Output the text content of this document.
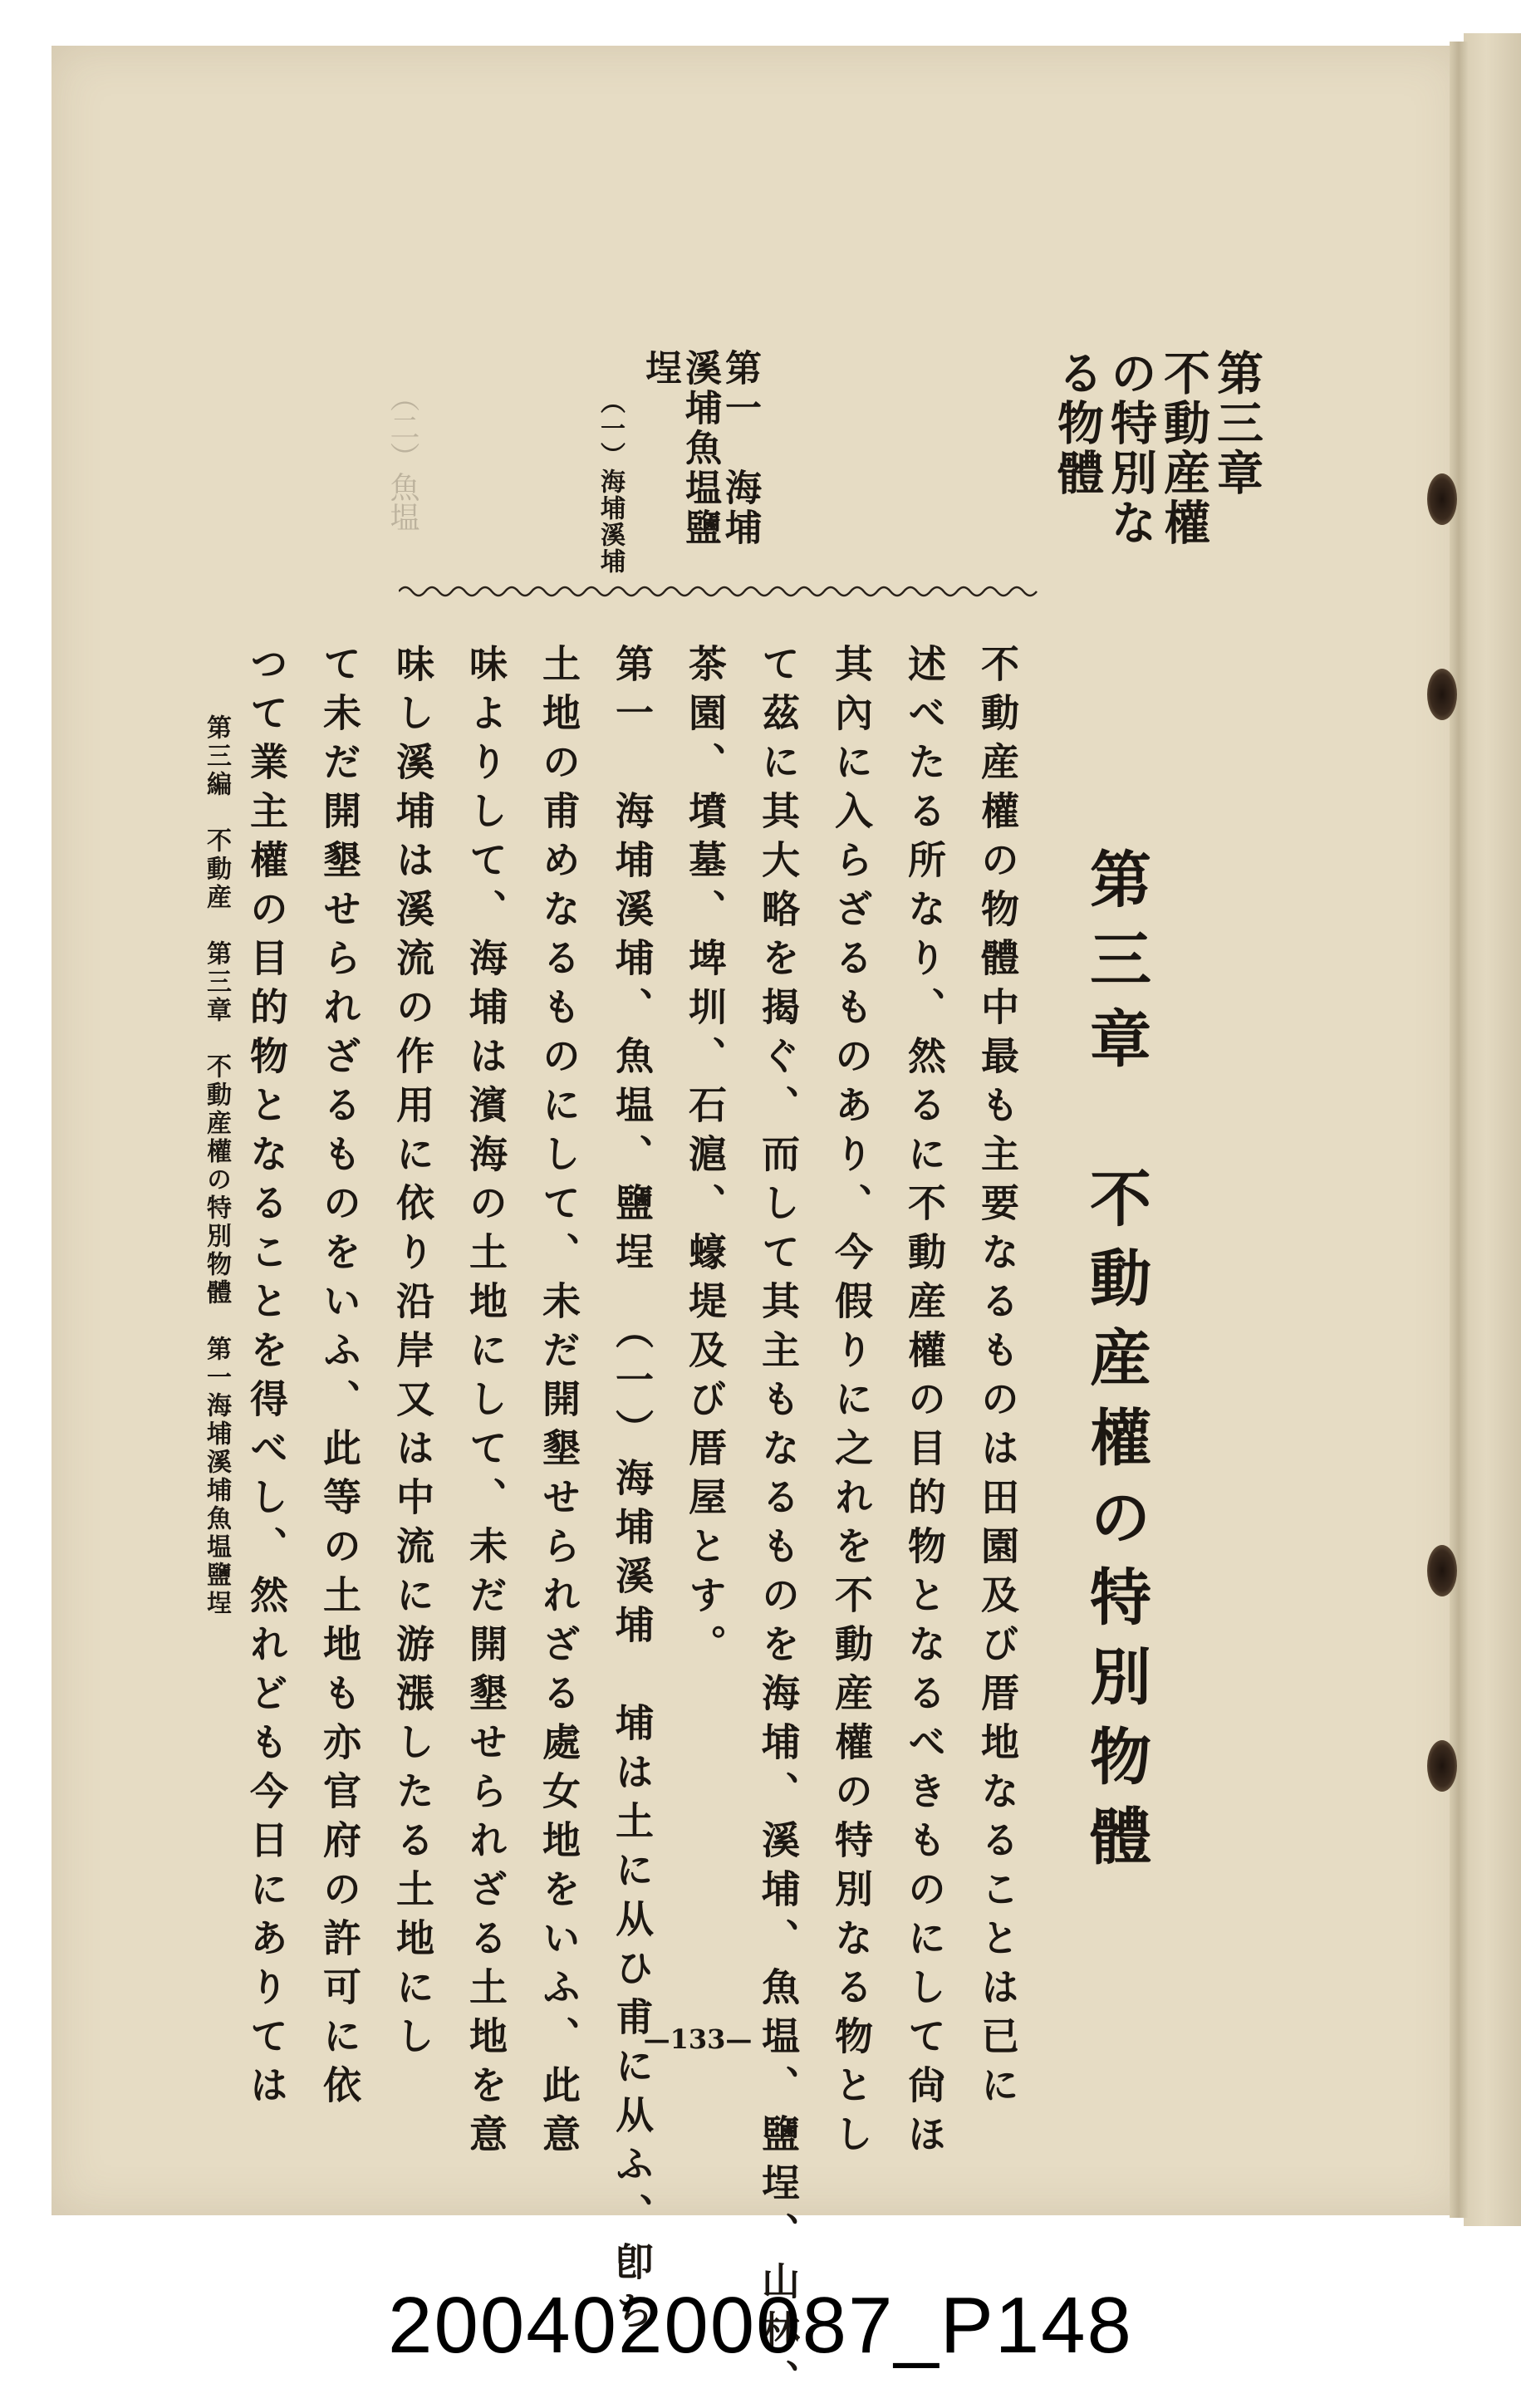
第三章　不動産權の特別なる物體
第一　海埔溪埔魚塭鹽埕
（一）海埔溪埔
（二）魚塭
第三章　不動産權の特別物體
不動産權の物體中最も主要なるものは田園及び厝地なることは已に
述べたる所なり、然るに不動産權の目的物となるべきものにして尙ほ
其內に入らざるものあり、今假りに之れを不動産權の特別なる物とし
て茲に其大略を揭ぐ、而して其主もなるものを海埔、溪埔、魚塭、鹽埕、山林、
茶園、墳墓、埤圳、石滬、蠔堤及び厝屋とす。
第一　海埔溪埔、魚塭、鹽埕　（一）海埔溪埔　埔は土に从ひ甫に从ふ、卽ち
土地の甫めなるものにして、未だ開墾せられざる處女地をいふ、此意
味よりして、海埔は濱海の土地にして、未だ開墾せられざる土地を意
味し溪埔は溪流の作用に依り沿岸又は中流に游漲したる土地にし
て未だ開墾せられざるものをいふ、此等の土地も亦官府の許可に依
つて業主權の目的物となることを得べし、然れども今日にありては
第三編　不動産　第三章　不動産權の特別物體　第一海埔溪埔魚塭鹽埕
—133—
20040200087_P148
